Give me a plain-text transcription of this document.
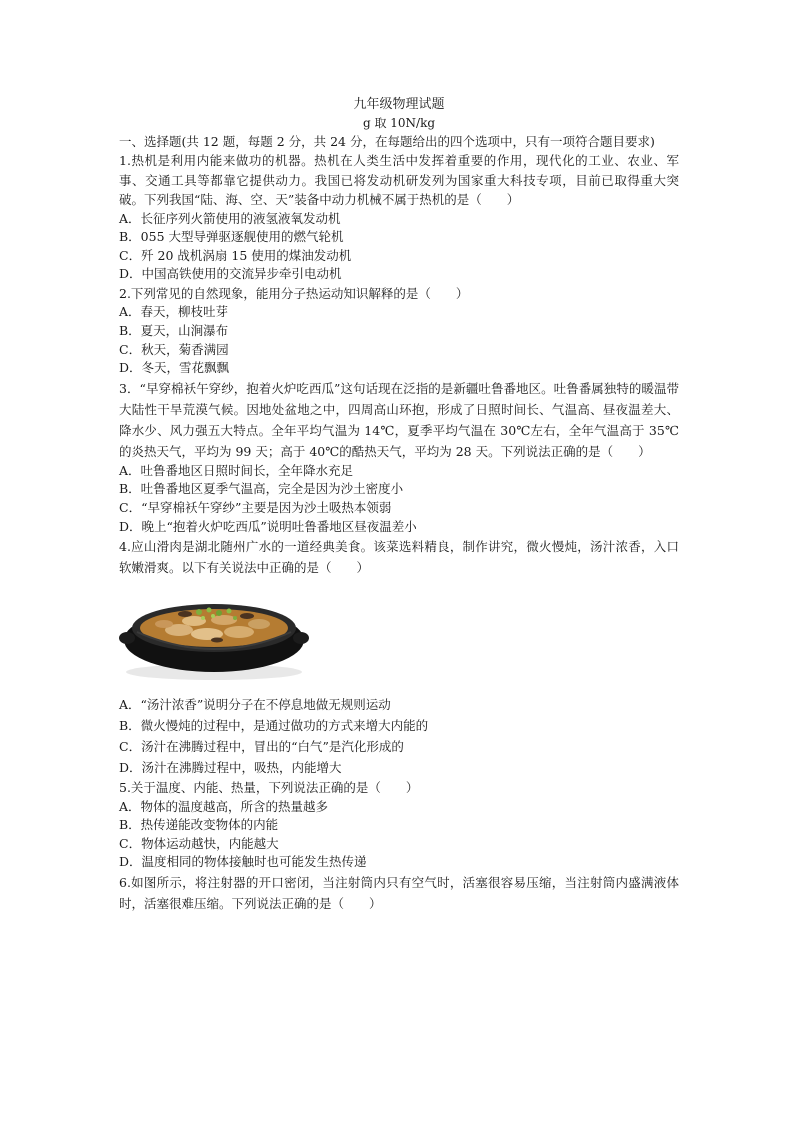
九年级物理试题

g 取 10N/kg

一、选择题(共 12 题，每题 2 分，共 24 分，在每题给出的四个选项中，只有一项符合题目要求)

1.热机是利用内能来做功的机器。热机在人类生活中发挥着重要的作用，现代化的工业、农业、军事、交通工具等都靠它提供动力。我国已将发动机研发列为国家重大科技专项，目前已取得重大突破。下列我国“陆、海、空、天”装备中动力机械不属于热机的是（　　）

A．长征序列火箭使用的液氢液氧发动机

B．055 大型导弹驱逐舰使用的燃气轮机

C．歼 20 战机涡扇 15 使用的煤油发动机

D．中国高铁使用的交流异步牵引电动机

2.下列常见的自然现象，能用分子热运动知识解释的是（　　）

A．春天，柳枝吐芽

B．夏天，山涧瀑布

C．秋天，菊香满园

D．冬天，雪花飘飘

3．“早穿棉袄午穿纱，抱着火炉吃西瓜”这句话现在泛指的是新疆吐鲁番地区。吐鲁番属独特的暖温带大陆性干旱荒漠气候。因地处盆地之中，四周高山环抱，形成了日照时间长、气温高、昼夜温差大、降水少、风力强五大特点。全年平均气温为 14℃，夏季平均气温在 30℃左右，全年气温高于 35℃的炎热天气，平均为 99 天；高于 40℃的酷热天气，平均为 28 天。下列说法正确的是（　　）

A．吐鲁番地区日照时间长，全年降水充足

B．吐鲁番地区夏季气温高，完全是因为沙土密度小

C．“早穿棉袄午穿纱”主要是因为沙土吸热本领弱

D．晚上“抱着火炉吃西瓜”说明吐鲁番地区昼夜温差小

4.应山滑肉是湖北随州广水的一道经典美食。该菜选料精良，制作讲究，微火慢炖，汤汁浓香，入口软嫩滑爽。以下有关说法中正确的是（　　）

A．“汤汁浓香”说明分子在不停息地做无规则运动

B．微火慢炖的过程中，是通过做功的方式来增大内能的

C．汤汁在沸腾过程中，冒出的“白气”是汽化形成的

D．汤汁在沸腾过程中，吸热，内能增大

5.关于温度、内能、热量，下列说法正确的是（　　）

A．物体的温度越高，所含的热量越多

B．热传递能改变物体的内能

C．物体运动越快，内能越大

D．温度相同的物体接触时也可能发生热传递

6.如图所示，将注射器的开口密闭，当注射筒内只有空气时，活塞很容易压缩，当注射筒内盛满液体时，活塞很难压缩。下列说法正确的是（　　）
